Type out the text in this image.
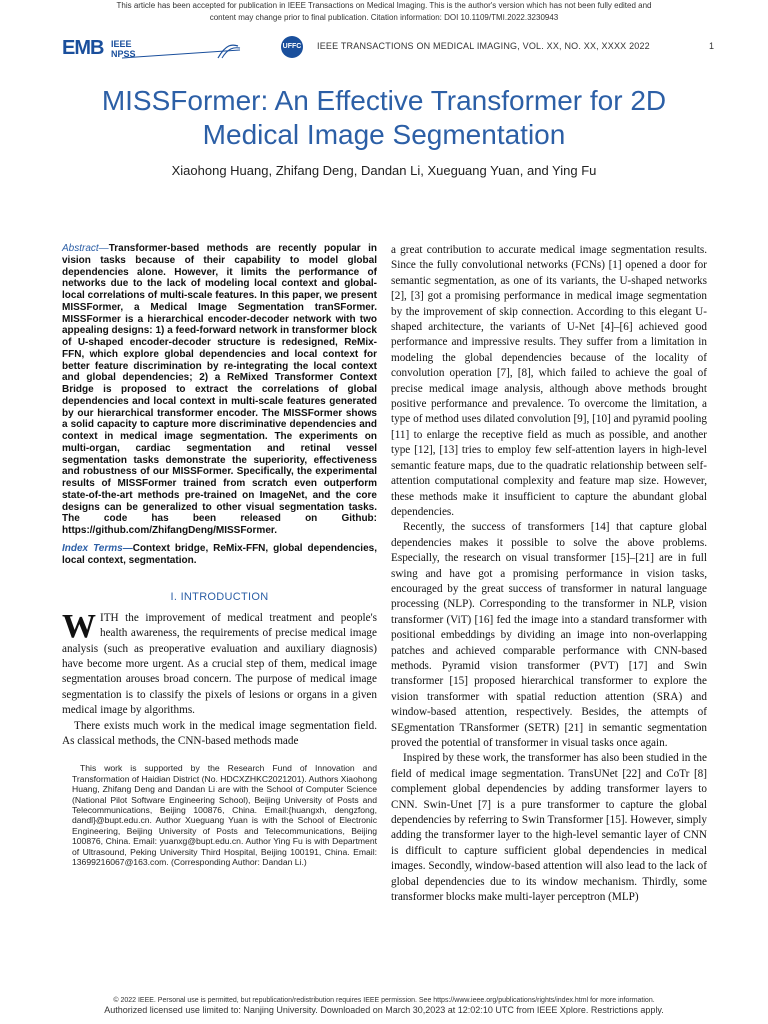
This article has been accepted for publication in IEEE Transactions on Medical Imaging. This is the author's version which has not been fully edited and
content may change prior to final publication. Citation information: DOI 10.1109/TMI.2022.3230943
EMB IEEE NPSS
UFFC IEEE TRANSACTIONS ON MEDICAL IMAGING, VOL. XX, NO. XX, XXXX 2022	1
MISSFormer: An Effective Transformer for 2D
Medical Image Segmentation
Xiaohong Huang, Zhifang Deng, Dandan Li, Xueguang Yuan, and Ying Fu
Abstract—Transformer-based methods are recently popular in vision tasks because of their capability to model global dependencies alone. However, it limits the performance of networks due to the lack of modeling local context and global-local correlations of multi-scale features. In this paper, we present MISSFormer, a Medical Image Segmentation tranSFormer. MISSFormer is a hierarchical encoder-decoder network with two appealing designs: 1) a feed-forward network in transformer block of U-shaped encoder-decoder structure is redesigned, ReMix-FFN, which explore global dependencies and local context for better feature discrimination by re-integrating the local context and global dependencies; 2) a ReMixed Transformer Context Bridge is proposed to extract the correlations of global dependencies and local context in multi-scale features generated by our hierarchical transformer encoder. The MISSFormer shows a solid capacity to capture more discriminative dependencies and context in medical image segmentation. The experiments on multi-organ, cardiac segmentation and retinal vessel segmentation tasks demonstrate the superiority, effectiveness and robustness of our MISSFormer. Specifically, the experimental results of MISSFormer trained from scratch even outperform state-of-the-art methods pre-trained on ImageNet, and the core designs can be generalized to other visual segmentation tasks. The code has been released on Github: https://github.com/ZhifangDeng/MISSFormer.
Index Terms—Context bridge, ReMix-FFN, global dependencies, local context, segmentation.
I. INTRODUCTION

WITH the improvement of medical treatment and people's health awareness, the requirements of precise medical image analysis (such as preoperative evaluation and auxiliary diagnosis) have become more urgent. As a crucial step of them, medical image segmentation arouses broad concern. The purpose of medical image segmentation is to classify the pixels of lesions or organs in a given medical image by algorithms.

There exists much work in the medical image segmentation field. As classical methods, the CNN-based methods made

This work is supported by the Research Fund of Innovation and Transformation of Haidian District (No. HDCXZHKC2021201). Authors Xiaohong Huang, Zhifang Deng and Dandan Li are with the School of Computer Science (National Pilot Software Engineering School), Beijing University of Posts and Telecommunications, Beijing 100876, China. Email:{huangxh, dengzfong, dandl}@bupt.edu.cn. Author Xueguang Yuan is with the School of Electronic Engineering, Beijing University of Posts and Telecommunications, Beijing 100876, China. Email: yuanxg@bupt.edu.cn. Author Ying Fu is with Department of Ultrasound, Peking University Third Hospital, Beijing 100191, China. Email: 13699216067@163.com. (Corresponding Author: Dandan Li.)

a great contribution to accurate medical image segmentation results. Since the fully convolutional networks (FCNs) [1] opened a door for semantic segmentation, as one of its variants, the U-shaped networks [2], [3] got a promising performance in medical image segmentation by the improvement of skip connection. According to this elegant U-shaped architecture, the variants of U-Net [4]–[6] achieved good performance and impressive results. They suffer from a limitation in modeling the global dependencies because of the locality of convolution operation [7], [8], which failed to achieve the goal of precise medical image analysis, although above methods brought positive performance and prevalence. To overcome the limitation, a type of method uses dilated convolution [9], [10] and pyramid pooling [11] to enlarge the receptive field as much as possible, and another type [12], [13] tries to employ few self-attention layers in high-level semantic feature maps, due to the quadratic relationship between self-attention computational complexity and feature map size. However, these methods make it insufficient to capture the abundant global dependencies.

Recently, the success of transformers [14] that capture global dependencies makes it possible to solve the above problems. Especially, the research on visual transformer [15]–[21] are in full swing and have got a promising performance in vision tasks, encouraged by the great success of transformer in natural language processing (NLP). Corresponding to the transformer in NLP, vision transformer (ViT) [16] fed the image into a standard transformer with positional embeddings by dividing an image into non-overlapping patches and achieved comparable performance with CNN-based methods. Pyramid vision transformer (PVT) [17] and Swin transformer [15] proposed hierarchical transformer to explore the vision transformer with spatial reduction attention (SRA) and window-based attention, respectively. Besides, the attempts of SEgmentation TRansformer (SETR) [21] in semantic segmentation proved the potential of transformer in visual tasks once again.

Inspired by these work, the transformer has also been studied in the field of medical image segmentation. TransUNet [22] and CoTr [8] complement global dependencies by adding transformer layers to CNN. Swin-Unet [7] is a pure transformer to capture the global dependencies by referring to Swin Transformer [15]. However, simply adding the transformer layer to the high-level semantic layer of CNN is difficult to capture sufficient global dependencies in medical images. Secondly, window-based attention will also lead to the lack of global dependencies due to its window mechanism. Thirdly, some transformer blocks make multi-layer perceptron (MLP)

© 2022 IEEE. Personal use is permitted, but republication/redistribution requires IEEE permission. See https://www.ieee.org/publications/rights/index.html for more information.
Authorized licensed use limited to: Nanjing University. Downloaded on March 30,2023 at 12:02:10 UTC from IEEE Xplore. Restrictions apply.
